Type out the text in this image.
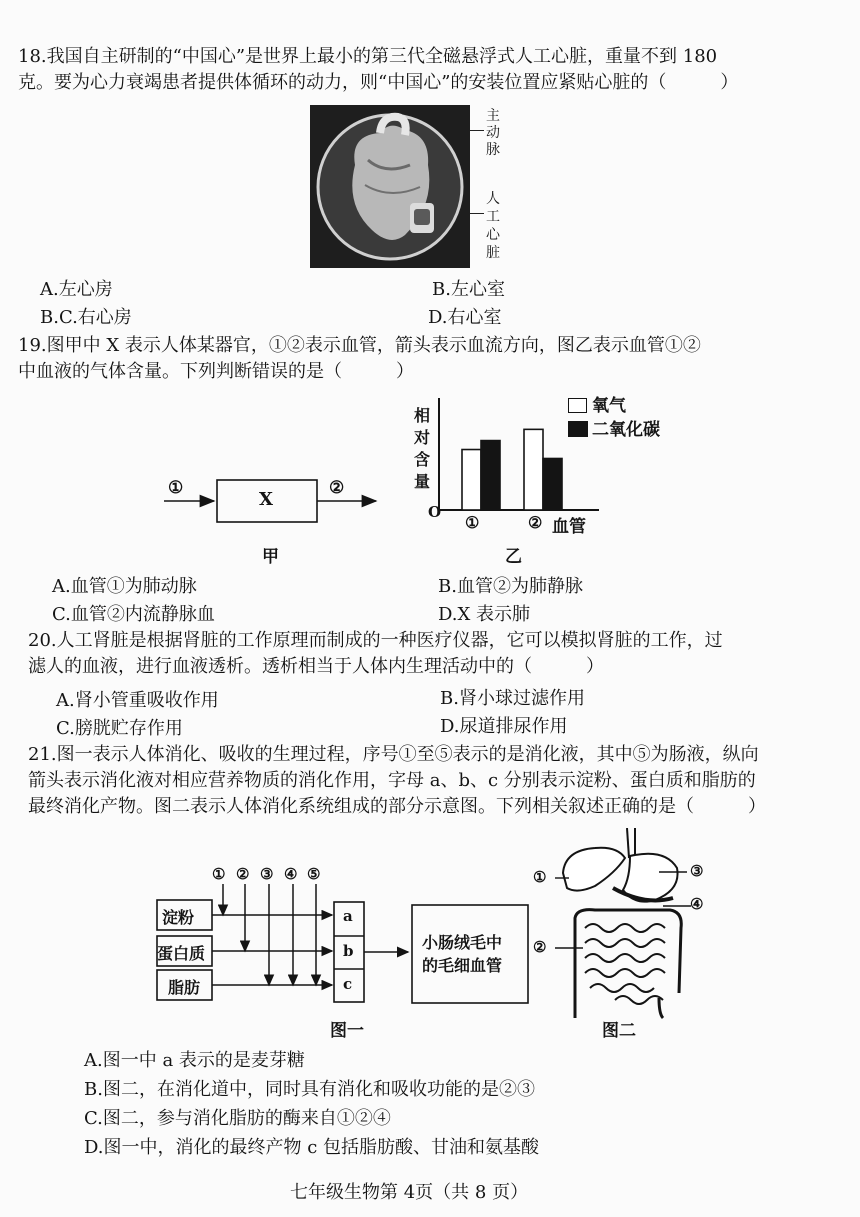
18.我国自主研制的“中国心”是世界上最小的第三代全磁悬浮式人工心脏，重量不到 180
克。要为心力衰竭患者提供体循环的动力，则“中国心”的安装位置应紧贴心脏的（　　　）
主动脉
人工心脏
A.左心房	B.左心室
B.C.右心房	D.右心室
19.图甲中 X 表示人体某器官，①②表示血管，箭头表示血流方向，图乙表示血管①②
中血液的气体含量。下列判断错误的是（　　　）
①
X
②
甲
相对含量
O
①	② 血管
氧气
二氧化碳
乙
A.血管①为肺动脉	B.血管②为肺静脉
C.血管②内流静脉血	D.X 表示肺
20.人工肾脏是根据肾脏的工作原理而制成的一种医疗仪器，它可以模拟肾脏的工作，过
滤人的血液，进行血液透析。透析相当于人体内生理活动中的（　　　）
A.肾小管重吸收作用	B.肾小球过滤作用
C.膀胱贮存作用	D.尿道排尿作用
21.图一表示人体消化、吸收的生理过程，序号①至⑤表示的是消化液，其中⑤为肠液，纵向
箭头表示消化液对相应营养物质的消化作用，字母 a、b、c 分别表示淀粉、蛋白质和脂肪的
最终消化产物。图二表示人体消化系统组成的部分示意图。下列相关叙述正确的是（　　　）
① ② ③ ④ ⑤
淀粉
蛋白质
脂肪
a
b
c
小肠绒毛中
的毛细血管
图一
①
②
③
④
图二
A.图一中 a 表示的是麦芽糖
B.图二，在消化道中，同时具有消化和吸收功能的是②③
C.图二，参与消化脂肪的酶来自①②④
D.图一中，消化的最终产物 c 包括脂肪酸、甘油和氨基酸
七年级生物第 4页（共 8 页）
